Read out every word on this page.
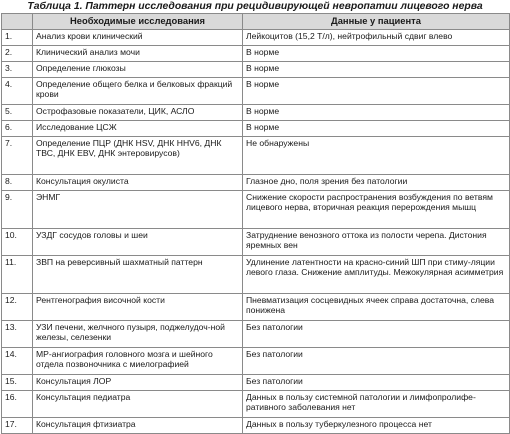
Таблица 1. Паттерн исследования при рецидивирующей невропатии лицевого нерва
	Необходимые исследования	Данные у пациента
1.	Анализ крови клинический	Лейкоцитов (15,2 Т/л), нейтрофильный сдвиг влево
2.	Клинический анализ мочи	В норме
3.	Определение глюкозы	В норме
4.	Определение общего белка и белковых фракций крови	В норме
5.	Острофазовые показатели, ЦИК, АСЛО	В норме
6.	Исследование ЦСЖ	В норме
7.	Определение ПЦР (ДНК HSV, ДНК HHV6, ДНК ТВС, ДНК EBV, ДНК энтеровирусов)	Не обнаружены
8.	Консультация окулиста	Глазное дно, поля зрения без патологии
9.	ЭНМГ	Снижение скорости распространения возбуждения по ветвям лицевого нерва, вторичная реакция перерождения мышц
10.	УЗДГ сосудов головы и шеи	Затруднение венозного оттока из полости черепа. Дистония яремных вен
11.	ЗВП на реверсивный шахматный паттерн	Удлинение латентности на красно-синий ШП при стиму-ляции левого глаза. Снижение амплитуды. Межокулярная асимметрия
12.	Рентгенография височной кости	Пневматизация сосцевидных ячеек справа достаточна, слева понижена
13.	УЗИ печени, желчного пузыря, поджелудоч-ной железы, селезенки	Без патологии
14.	МР-ангиография головного мозга и шейного отдела позвоночника с миелографией	Без патологии
15.	Консультация ЛОР	Без патологии
16.	Консультация педиатра	Данных в пользу системной патологии и лимфопролифе-ративного заболевания нет
17.	Консультация фтизиатра	Данных в пользу туберкулезного процесса нет
